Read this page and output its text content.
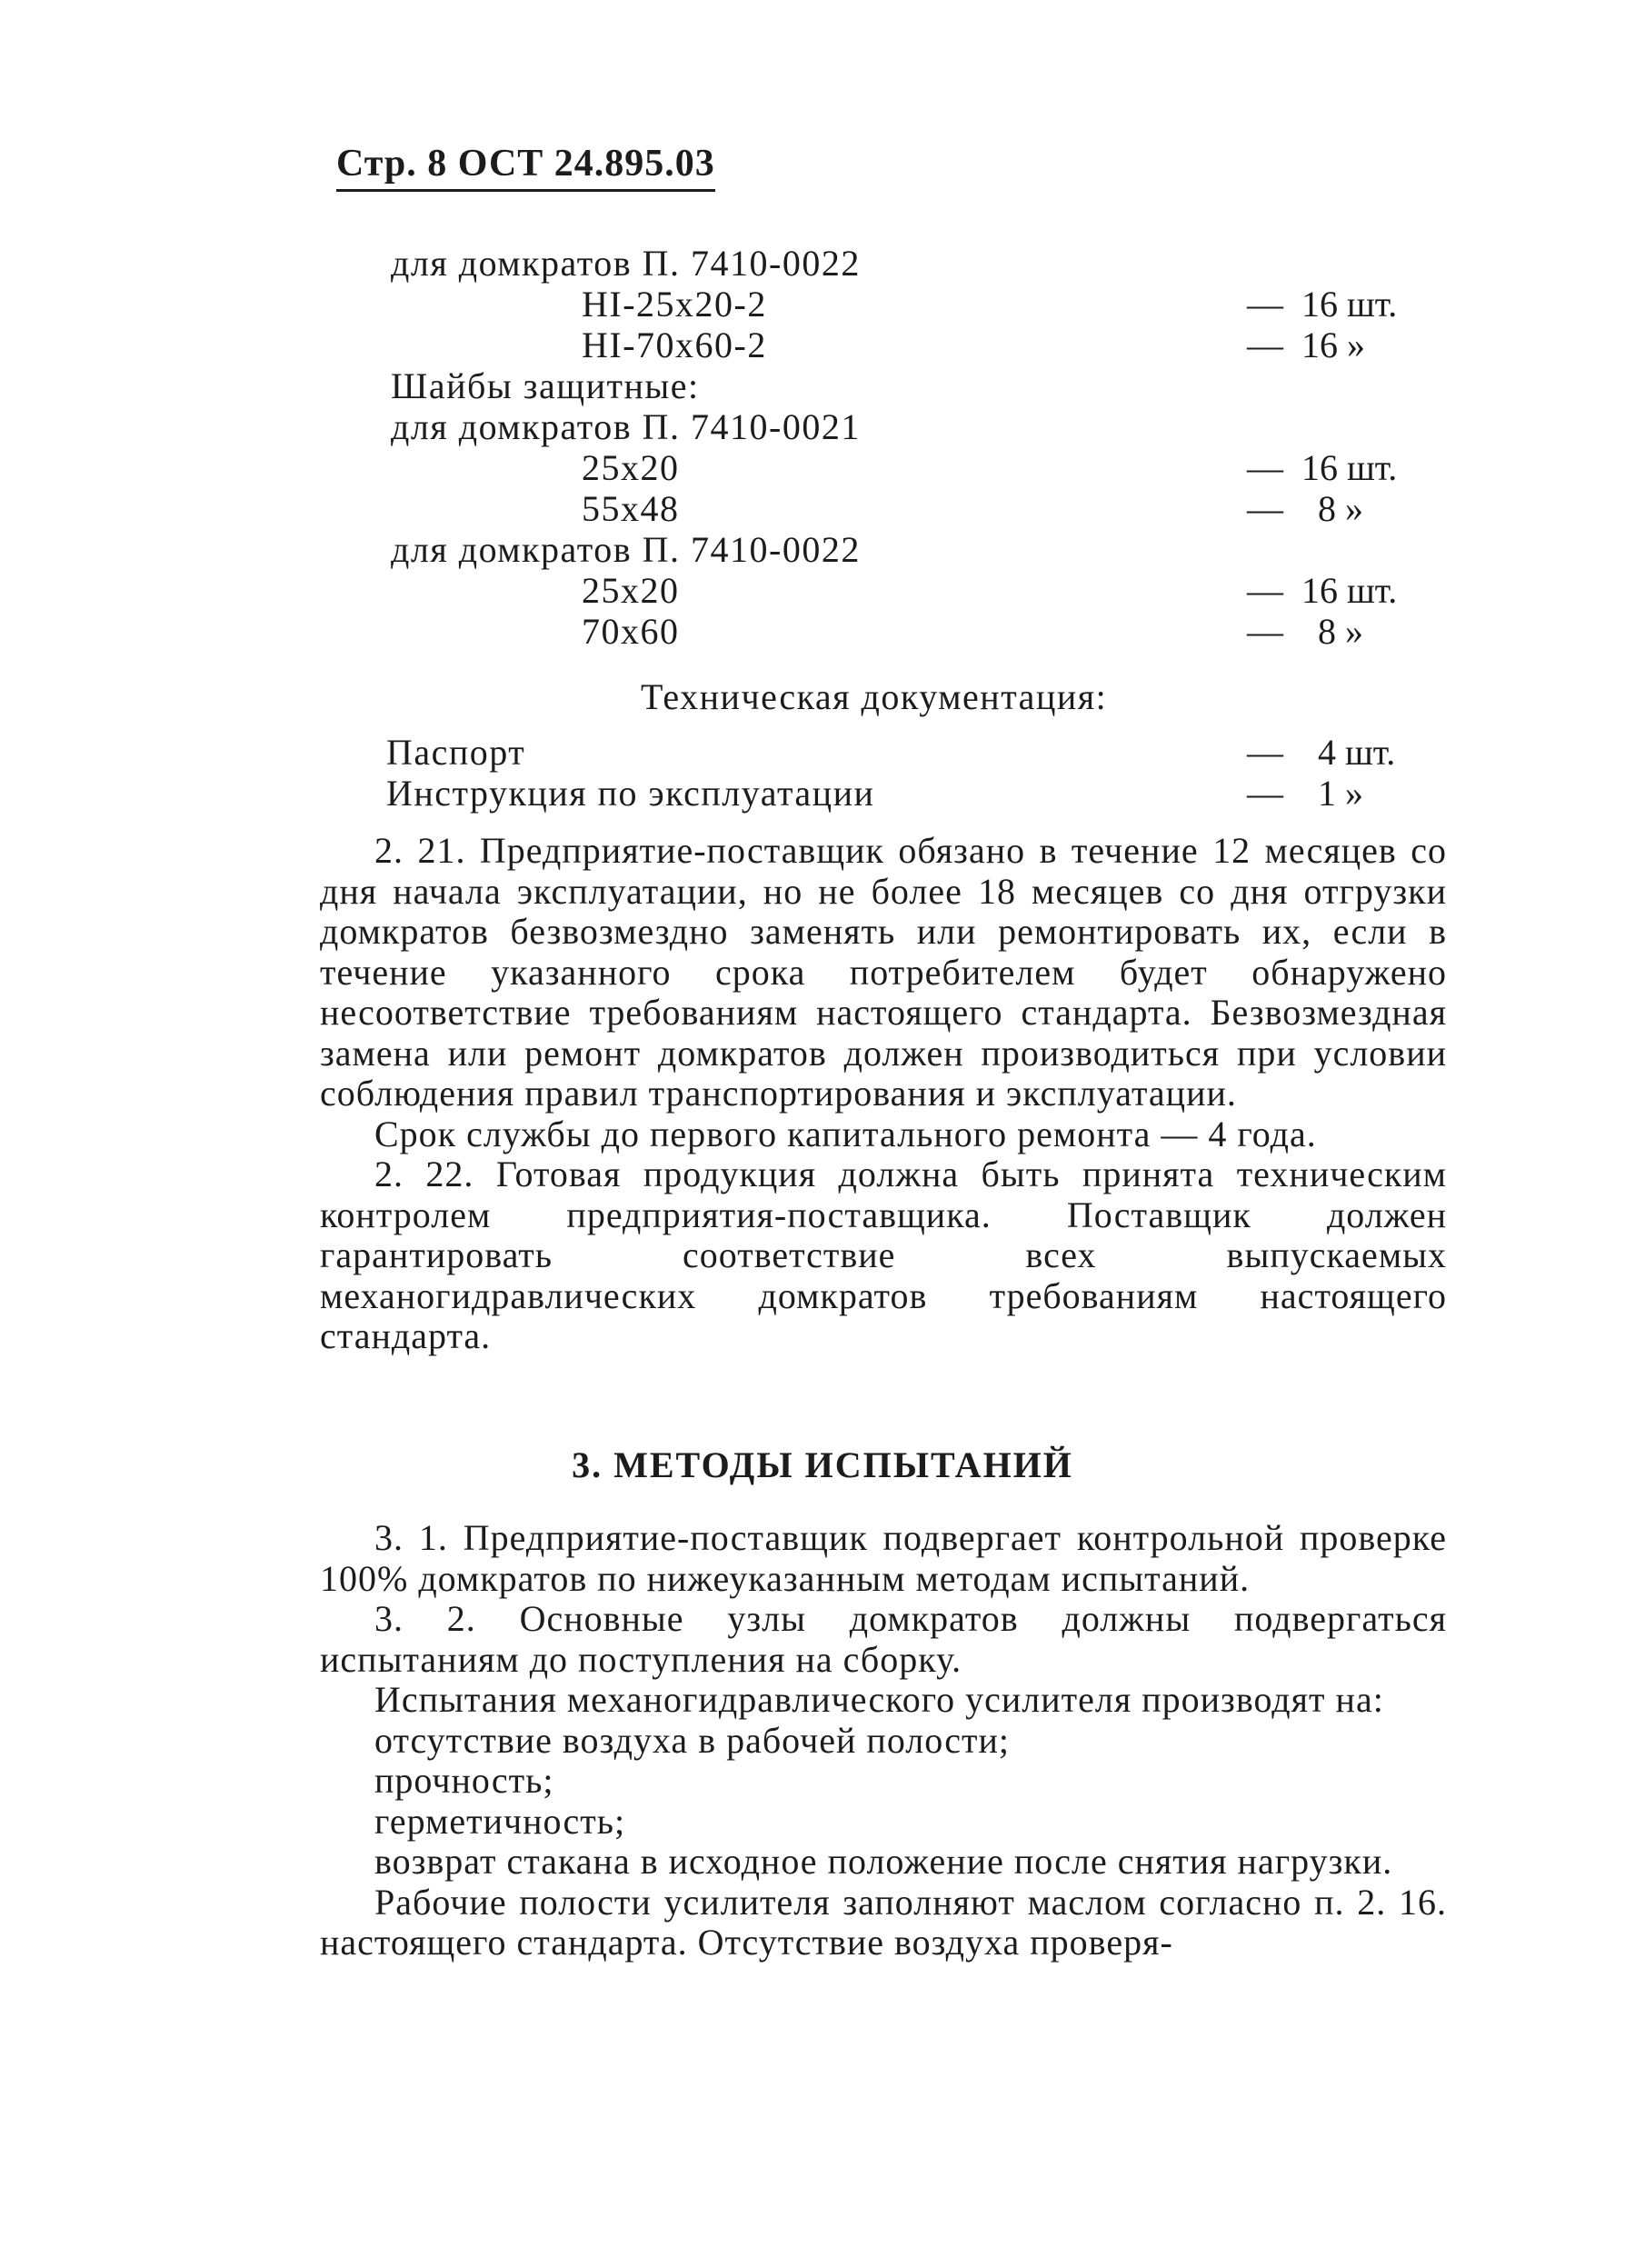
Стр. 8 ОСТ 24.895.03
для домкратов П. 7410-0022
HI-25x20-2	— 16 шт.
HI-70x60-2	— 16 »
Шайбы защитные:
для домкратов П. 7410-0021
25x20	— 16 шт.
55x48	— 8 »
для домкратов П. 7410-0022
25x20	— 16 шт.
70x60	— 8 »
Техническая документация:
Паспорт	— 4 шт.
Инструкция по эксплуатации	— 1 »

2. 21. Предприятие-поставщик обязано в течение 12 месяцев со дня начала эксплуатации, но не более 18 месяцев со дня отгрузки домкратов безвозмездно заменять или ремонтировать их, если в течение указанного срока потребителем будет обнаружено несоответствие требованиям настоящего стандарта. Безвозмездная замена или ремонт домкратов должен производиться при условии соблюдения правил транспортирования и эксплуатации.

Срок службы до первого капитального ремонта — 4 года.

2. 22. Готовая продукция должна быть принята техническим контролем предприятия-поставщика. Поставщик должен гарантировать соответствие всех выпускаемых механогидравлических домкратов требованиям настоящего стандарта.

3. МЕТОДЫ ИСПЫТАНИЙ

3. 1. Предприятие-поставщик подвергает контрольной проверке 100% домкратов по нижеуказанным методам испытаний.

3. 2. Основные узлы домкратов должны подвергаться испытаниям до поступления на сборку.

Испытания механогидравлического усилителя производят на:

отсутствие воздуха в рабочей полости;

прочность;

герметичность;

возврат стакана в исходное положение после снятия нагрузки.

Рабочие полости усилителя заполняют маслом согласно п. 2. 16. настоящего стандарта. Отсутствие воздуха проверя-
